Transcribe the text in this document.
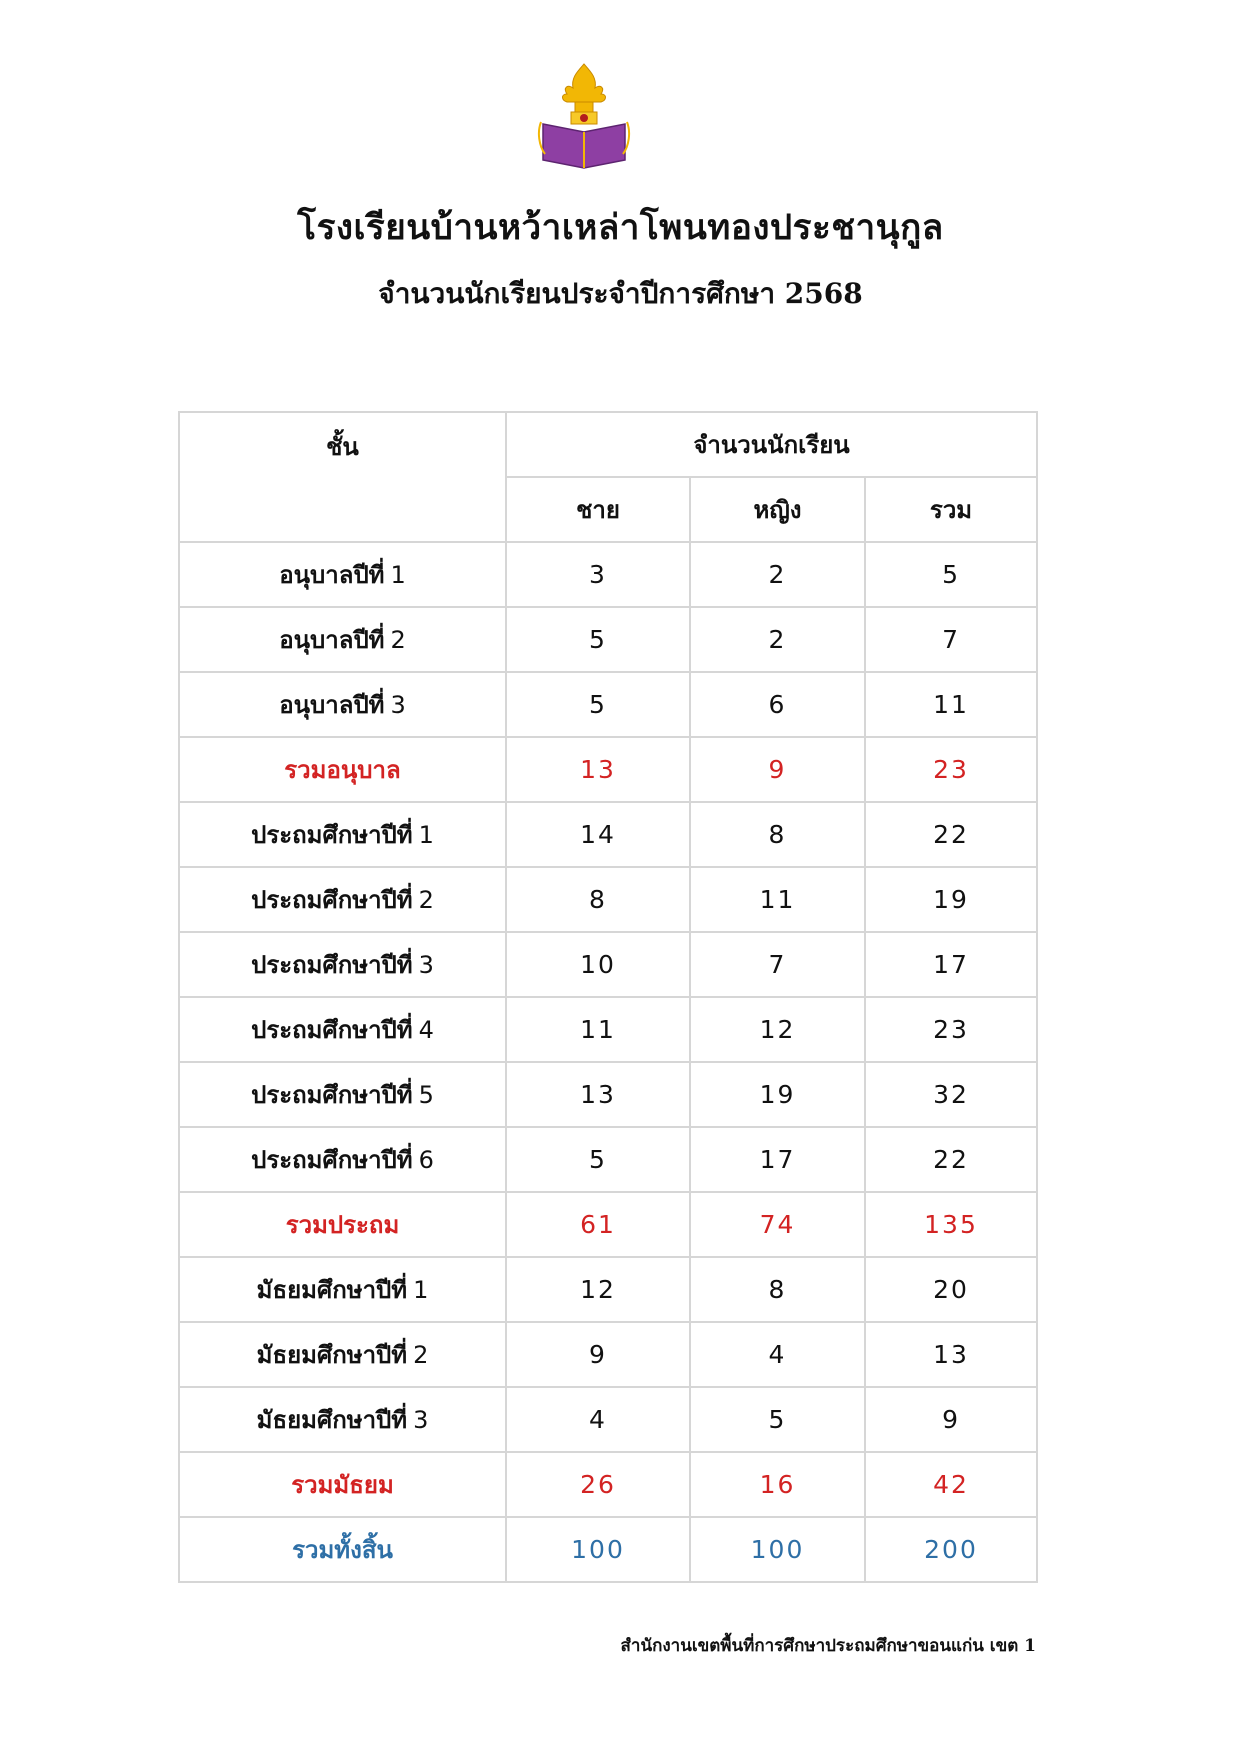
โรงเรียนบ้านหว้าเหล่าโพนทองประชานุกูล

จำนวนนักเรียนประจำปีการศึกษา 2568

ชั้น	จำนวนนักเรียน		
	ชาย	หญิง	รวม
อนุบาลปีที่ 1	3	2	5
อนุบาลปีที่ 2	5	2	7
อนุบาลปีที่ 3	5	6	11
รวมอนุบาล	13	9	23
ประถมศึกษาปีที่ 1	14	8	22
ประถมศึกษาปีที่ 2	8	11	19
ประถมศึกษาปีที่ 3	10	7	17
ประถมศึกษาปีที่ 4	11	12	23
ประถมศึกษาปีที่ 5	13	19	32
ประถมศึกษาปีที่ 6	5	17	22
รวมประถม	61	74	135
มัธยมศึกษาปีที่ 1	12	8	20
มัธยมศึกษาปีที่ 2	9	4	13
มัธยมศึกษาปีที่ 3	4	5	9
รวมมัธยม	26	16	42
รวมทั้งสิ้น	100	100	200

สำนักงานเขตพื้นที่การศึกษาประถมศึกษาขอนแก่น เขต 1
